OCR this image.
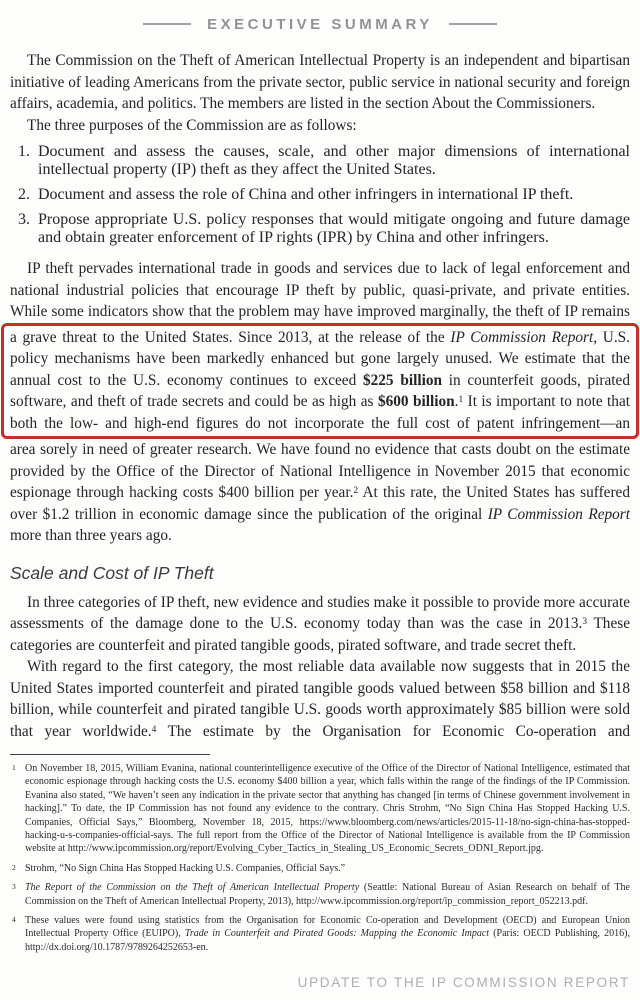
EXECUTIVE SUMMARY

The Commission on the Theft of American Intellectual Property is an independent and bipartisan initiative of leading Americans from the private sector, public service in national security and foreign affairs, academia, and politics. The members are listed in the section About the Commissioners.

The three purposes of the Commission are as follows:

1. Document and assess the causes, scale, and other major dimensions of international intellectual property (IP) theft as they affect the United States.
2. Document and assess the role of China and other infringers in international IP theft.
3. Propose appropriate U.S. policy responses that would mitigate ongoing and future damage and obtain greater enforcement of IP rights (IPR) by China and other infringers.

IP theft pervades international trade in goods and services due to lack of legal enforcement and national industrial policies that encourage IP theft by public, quasi-private, and private entities. While some indicators show that the problem may have improved marginally, the theft of IP remains

a grave threat to the United States. Since 2013, at the release of the IP Commission Report, U.S. policy mechanisms have been markedly enhanced but gone largely unused. We estimate that the annual cost to the U.S. economy continues to exceed $225 billion in counterfeit goods, pirated software, and theft of trade secrets and could be as high as $600 billion.$^1$ It is important to note that both the low- and high-end figures do not incorporate the full cost of patent infringement—an

area sorely in need of greater research. We have found no evidence that casts doubt on the estimate provided by the Office of the Director of National Intelligence in November 2015 that economic espionage through hacking costs $400 billion per year.$^2$ At this rate, the United States has suffered over $1.2 trillion in economic damage since the publication of the original IP Commission Report more than three years ago.

Scale and Cost of IP Theft

In three categories of IP theft, new evidence and studies make it possible to provide more accurate assessments of the damage done to the U.S. economy today than was the case in 2013.$^3$ These categories are counterfeit and pirated tangible goods, pirated software, and trade secret theft.

With regard to the first category, the most reliable data available now suggests that in 2015 the United States imported counterfeit and pirated tangible goods valued between $58 billion and $118 billion, while counterfeit and pirated tangible U.S. goods worth approximately $85 billion were sold that year worldwide.$^4$ The estimate by the Organisation for Economic Co-operation and

1 On November 18, 2015, William Evanina, national counterintelligence executive of the Office of the Director of National Intelligence, estimated that economic espionage through hacking costs the U.S. economy $400 billion a year, which falls within the range of the findings of the IP Commission. Evanina also stated, “We haven’t seen any indication in the private sector that anything has changed [in terms of Chinese government involvement in hacking].” To date, the IP Commission has not found any evidence to the contrary. Chris Strohm, “No Sign China Has Stopped Hacking U.S. Companies, Official Says,” Bloomberg, November 18, 2015, https://www.bloomberg.com/news/articles/2015-11-18/no-sign-china-has-stopped-hacking-u-s-companies-official-says. The full report from the Office of the Director of National Intelligence is available from the IP Commission website at http://www.ipcommission.org/report/Evolving_Cyber_Tactics_in_Stealing_US_Economic_Secrets_ODNI_Report.jpg.
2 Strohm, “No Sign China Has Stopped Hacking U.S. Companies, Official Says.”
3 The Report of the Commission on the Theft of American Intellectual Property (Seattle: National Bureau of Asian Research on behalf of The Commission on the Theft of American Intellectual Property, 2013), http://www.ipcommission.org/report/ip_commission_report_052213.pdf.
4 These values were found using statistics from the Organisation for Economic Co-operation and Development (OECD) and European Union Intellectual Property Office (EUIPO), Trade in Counterfeit and Pirated Goods: Mapping the Economic Impact (Paris: OECD Publishing, 2016), http://dx.doi.org/10.1787/9789264252653-en.
UPDATE TO THE IP COMMISSION REPORT
